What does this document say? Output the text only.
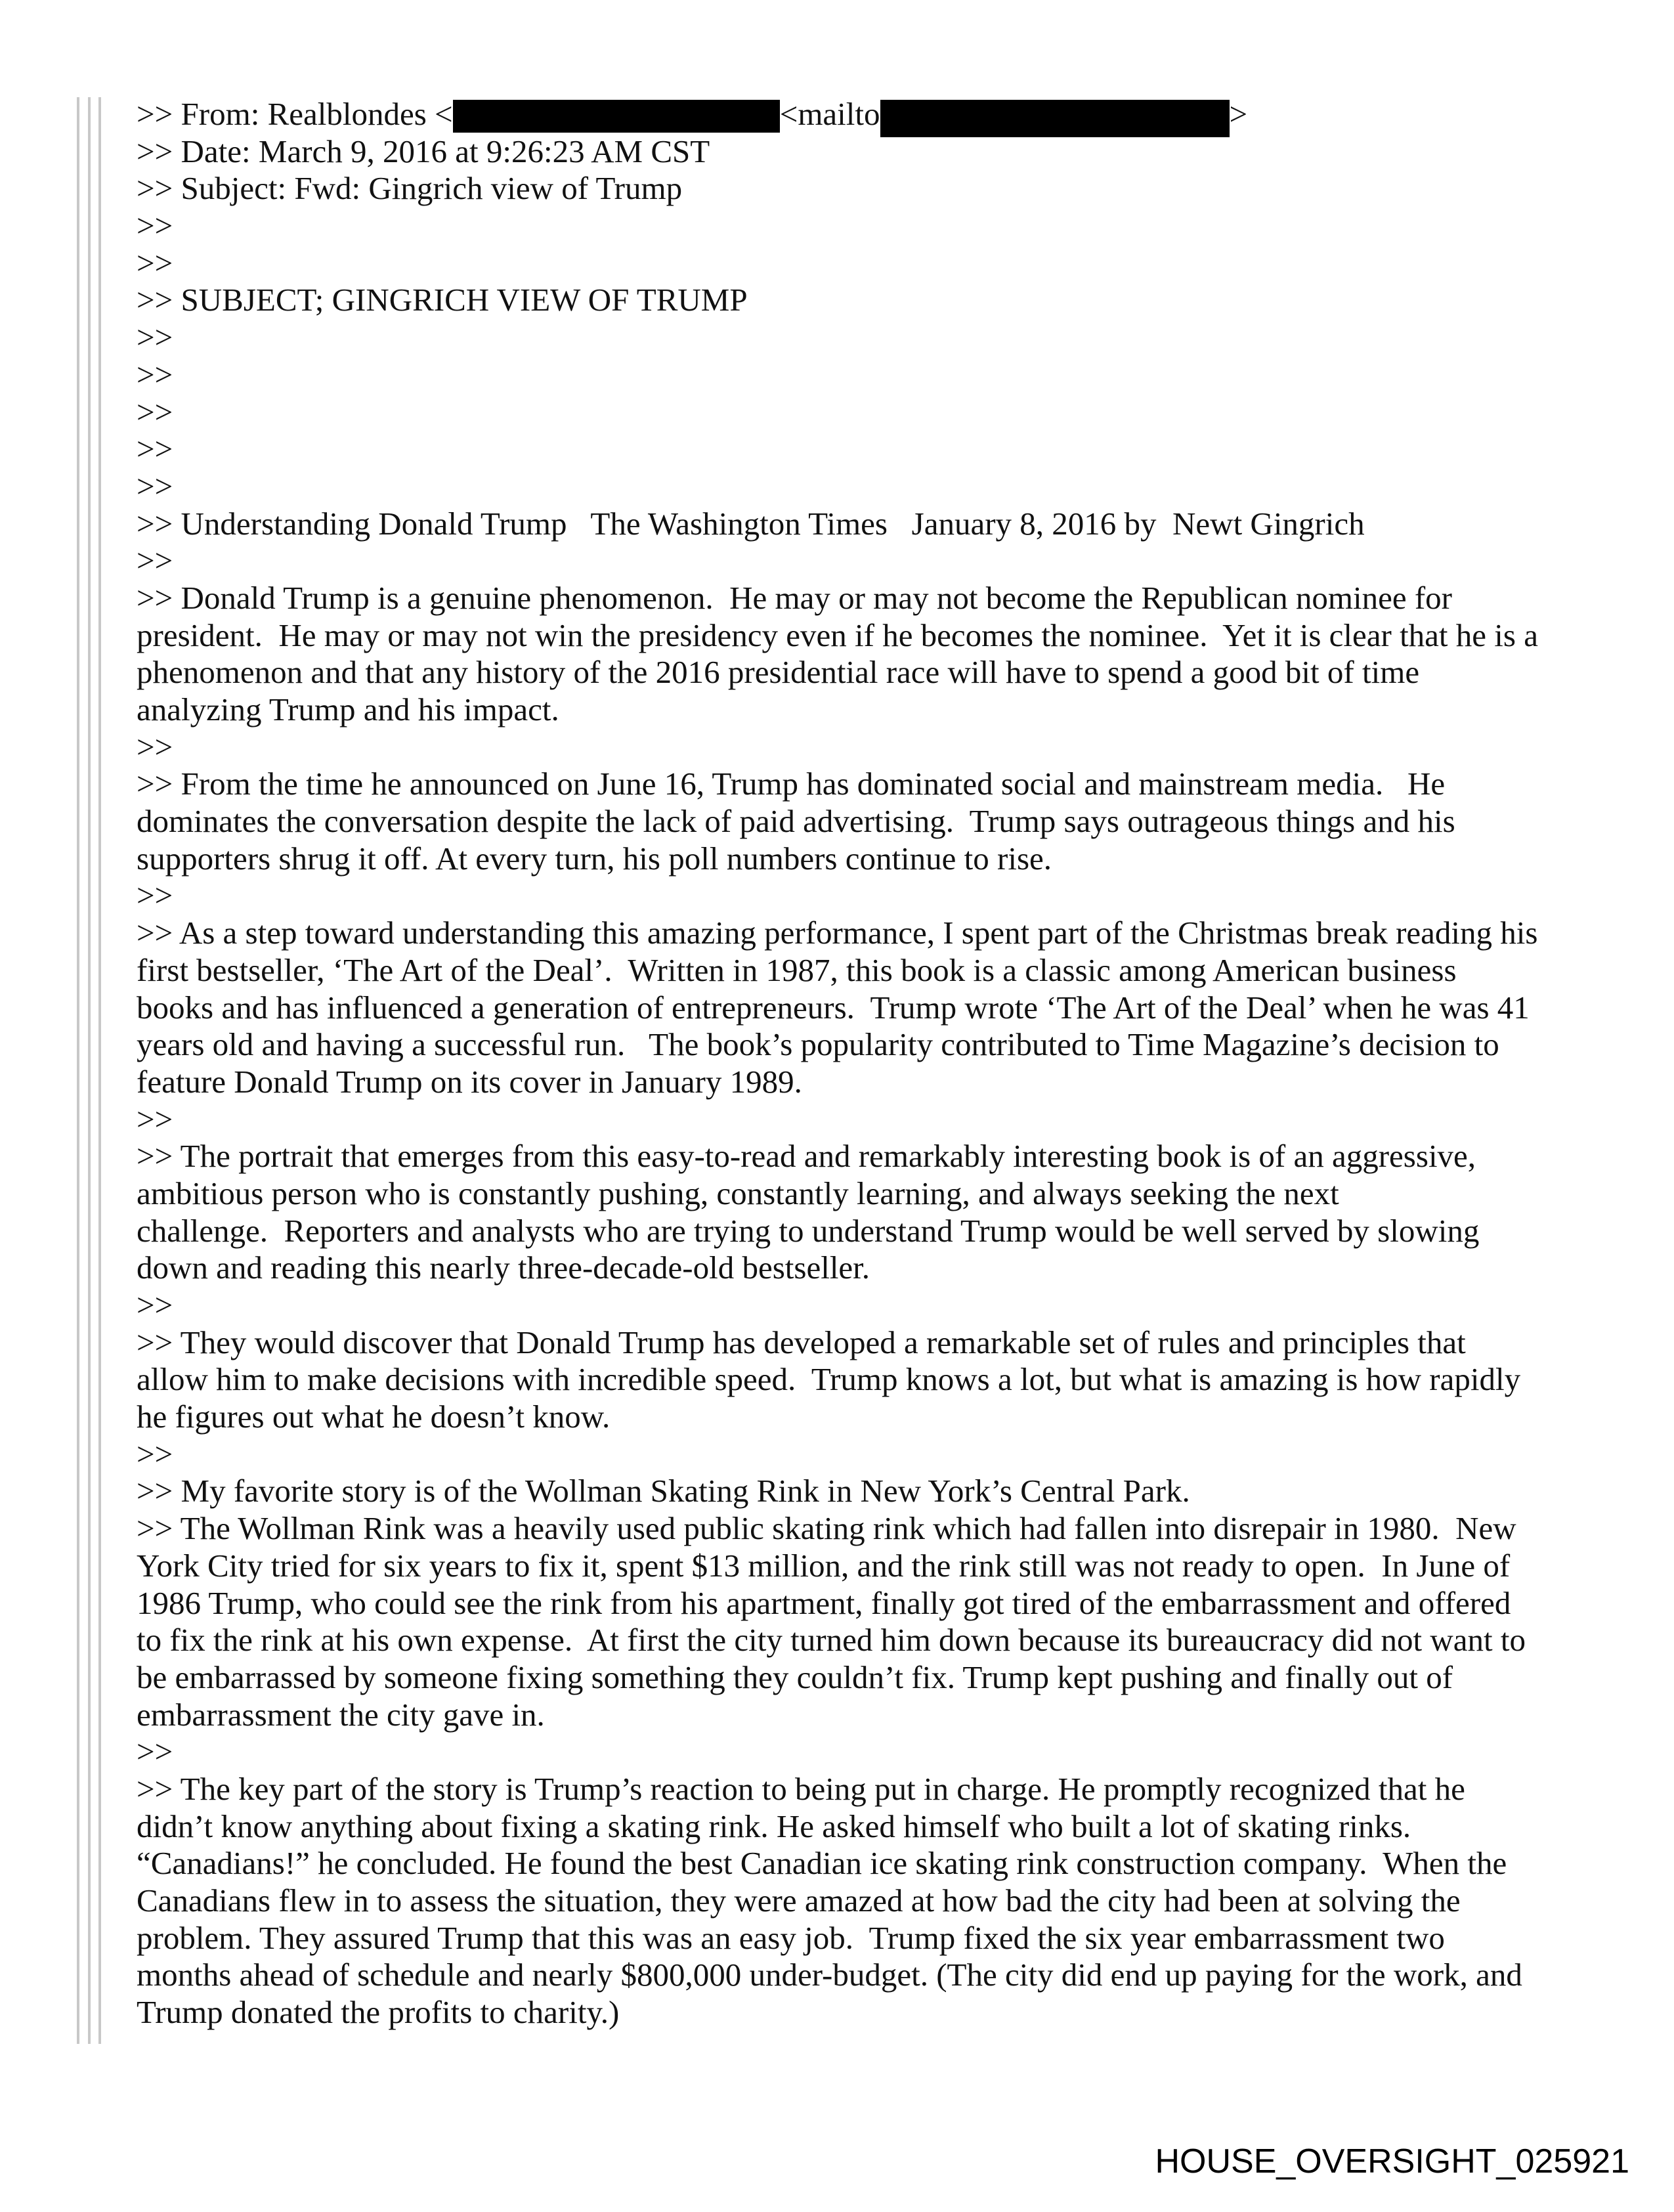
>> From: Realblondes <	<mailto	>
>> Date: March 9, 2016 at 9:26:23 AM CST
>> Subject: Fwd: Gingrich view of Trump
>>
>>
>> SUBJECT; GINGRICH VIEW OF TRUMP
>>
>>
>>
>>
>>
>> Understanding Donald Trump   The Washington Times   January 8, 2016 by  Newt Gingrich
>>
>> Donald Trump is a genuine phenomenon.  He may or may not become the Republican nominee for
president.  He may or may not win the presidency even if he becomes the nominee.  Yet it is clear that he is a
phenomenon and that any history of the 2016 presidential race will have to spend a good bit of time
analyzing Trump and his impact.
>>
>> From the time he announced on June 16, Trump has dominated social and mainstream media.   He
dominates the conversation despite the lack of paid advertising.  Trump says outrageous things and his
supporters shrug it off. At every turn, his poll numbers continue to rise.
>>
>> As a step toward understanding this amazing performance, I spent part of the Christmas break reading his
first bestseller, ‘The Art of the Deal’.  Written in 1987, this book is a classic among American business
books and has influenced a generation of entrepreneurs.  Trump wrote ‘The Art of the Deal’ when he was 41
years old and having a successful run.   The book’s popularity contributed to Time Magazine’s decision to
feature Donald Trump on its cover in January 1989.
>>
>> The portrait that emerges from this easy-to-read and remarkably interesting book is of an aggressive,
ambitious person who is constantly pushing, constantly learning, and always seeking the next
challenge.  Reporters and analysts who are trying to understand Trump would be well served by slowing
down and reading this nearly three-decade-old bestseller.
>>
>> They would discover that Donald Trump has developed a remarkable set of rules and principles that
allow him to make decisions with incredible speed.  Trump knows a lot, but what is amazing is how rapidly
he figures out what he doesn’t know.
>>
>> My favorite story is of the Wollman Skating Rink in New York’s Central Park.
>> The Wollman Rink was a heavily used public skating rink which had fallen into disrepair in 1980.  New
York City tried for six years to fix it, spent $13 million, and the rink still was not ready to open.  In June of
1986 Trump, who could see the rink from his apartment, finally got tired of the embarrassment and offered
to fix the rink at his own expense.  At first the city turned him down because its bureaucracy did not want to
be embarrassed by someone fixing something they couldn’t fix. Trump kept pushing and finally out of
embarrassment the city gave in.
>>
>> The key part of the story is Trump’s reaction to being put in charge. He promptly recognized that he
didn’t know anything about fixing a skating rink. He asked himself who built a lot of skating rinks.
“Canadians!” he concluded. He found the best Canadian ice skating rink construction company.  When the
Canadians flew in to assess the situation, they were amazed at how bad the city had been at solving the
problem. They assured Trump that this was an easy job.  Trump fixed the six year embarrassment two
months ahead of schedule and nearly $800,000 under-budget. (The city did end up paying for the work, and
Trump donated the profits to charity.)
HOUSE_OVERSIGHT_025921
